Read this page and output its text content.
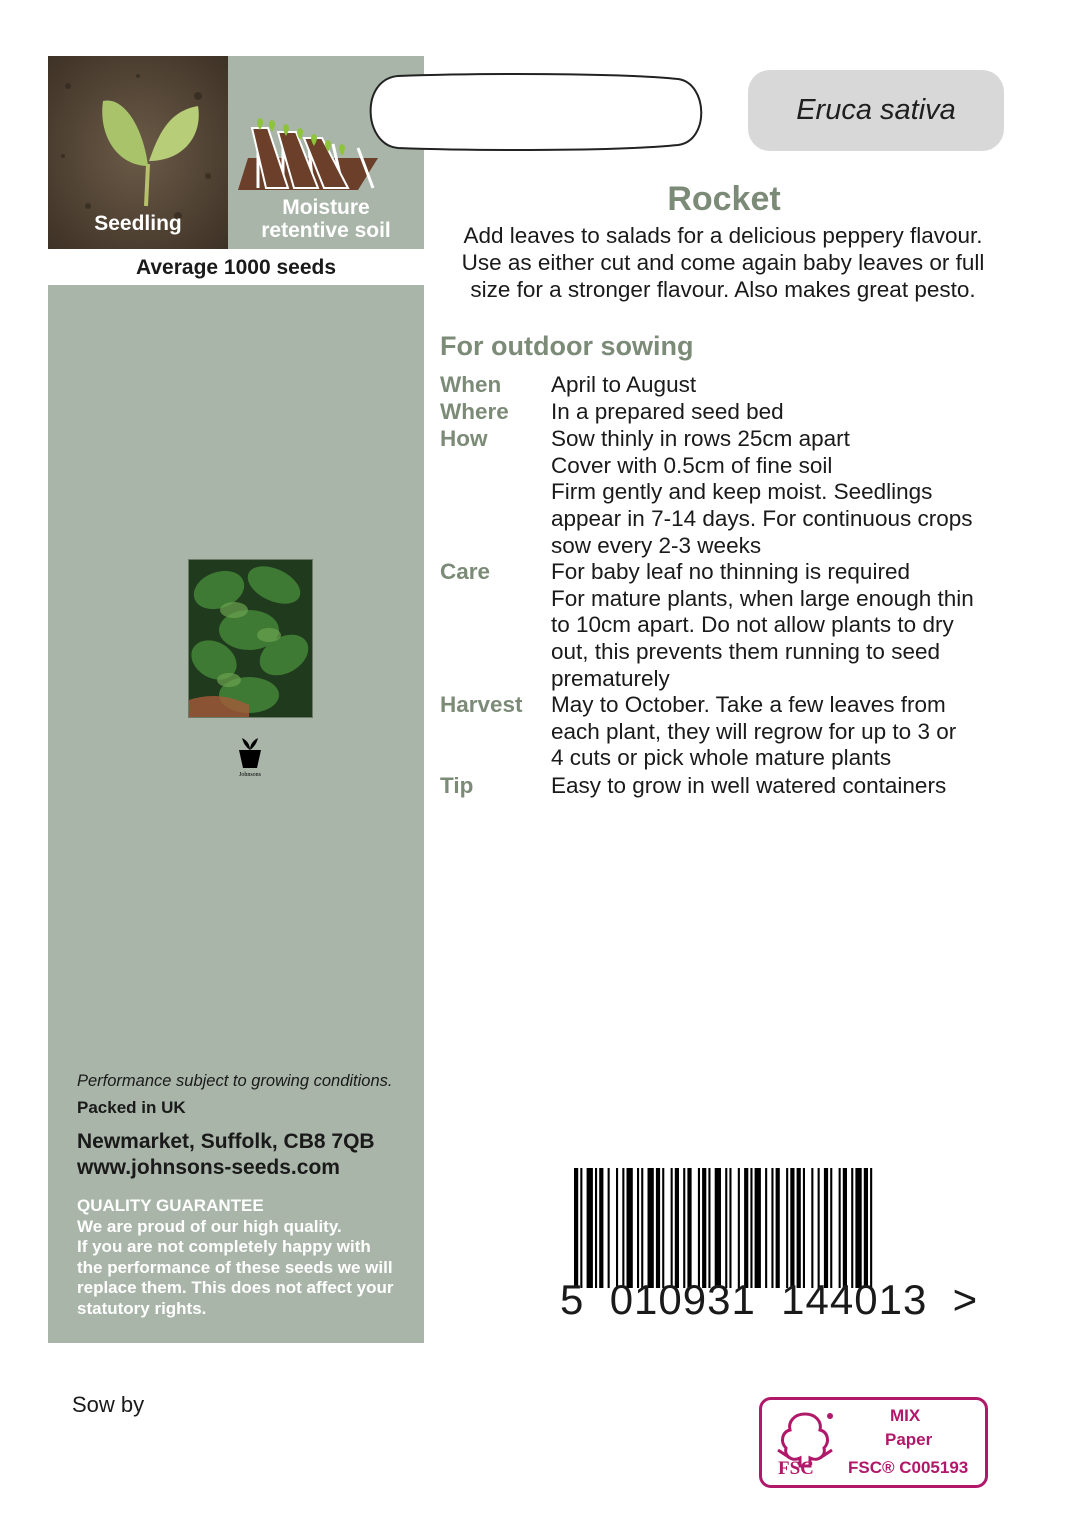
Seedling
Moisture
retentive soil
Average 1000 seeds
Johnsons
Performance subject to growing conditions.
Packed in UK
Newmarket, Suffolk, CB8 7QB
www.johnsons-seeds.com
QUALITY GUARANTEE
We are proud of our high quality.
If you are not completely happy with
the performance of these seeds we will
replace them. This does not affect your
statutory rights.
Eruca sativa
Rocket
Add leaves to salads for a delicious peppery flavour.
Use as either cut and come again baby leaves or full
size for a stronger flavour. Also makes great pesto.
For outdoor sowing
When April to August
Where In a prepared seed bed
How	Sow thinly in rows 25cm apart
Cover with 0.5cm of fine soil
Firm gently and keep moist. Seedlings
appear in 7-14 days. For continuous crops
sow every 2-3 weeks
Care	For baby leaf no thinning is required
For mature plants, when large enough thin
to 10cm apart. Do not allow plants to dry
out, this prevents them running to seed
prematurely
Harvest May to October. Take a few leaves from
each plant, they will regrow for up to 3 or
4 cuts or pick whole mature plants
Tip	Easy to grow in well watered containers
5  010931  144013  >
Sow by
FSC
MIX
Paper
FSC® C005193
